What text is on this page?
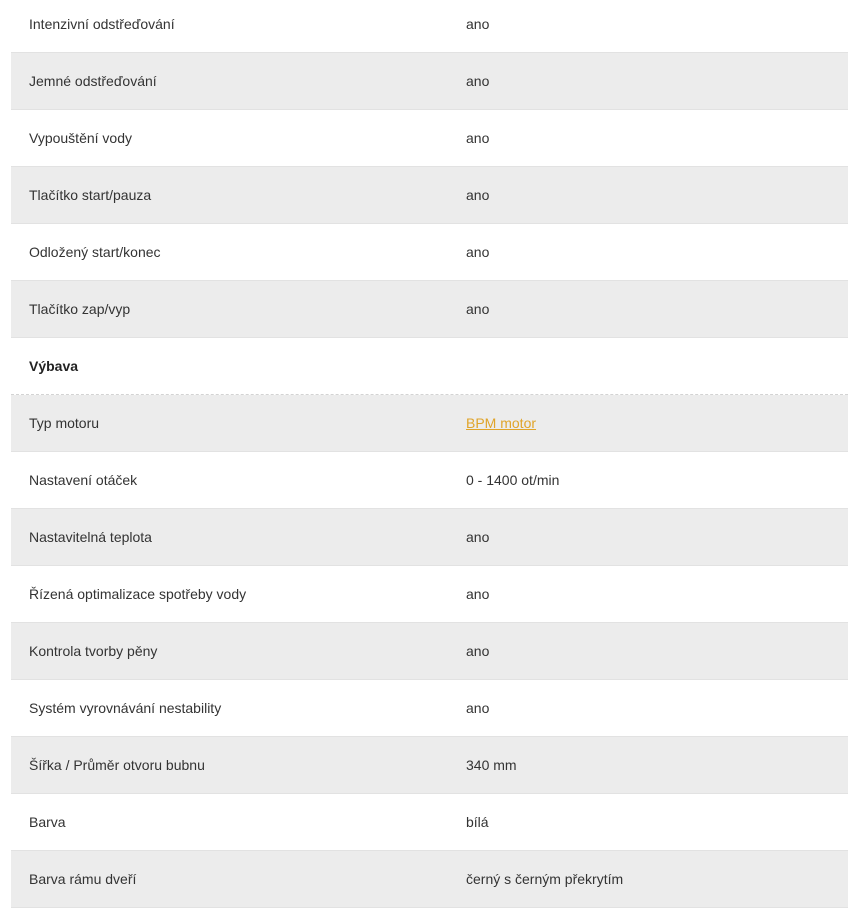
Intenzivní odstřeďování	ano
Jemné odstřeďování	ano
Vypouštění vody	ano
Tlačítko start/pauza	ano
Odložený start/konec	ano
Tlačítko zap/vyp	ano
Výbava
Typ motoru	BPM motor
Nastavení otáček	0 - 1400 ot/min
Nastavitelná teplota	ano
Řízená optimalizace spotřeby vody	ano
Kontrola tvorby pěny	ano
Systém vyrovnávání nestability	ano
Šířka / Průměr otvoru bubnu	340 mm
Barva	bílá
Barva rámu dveří	černý s černým překrytím
